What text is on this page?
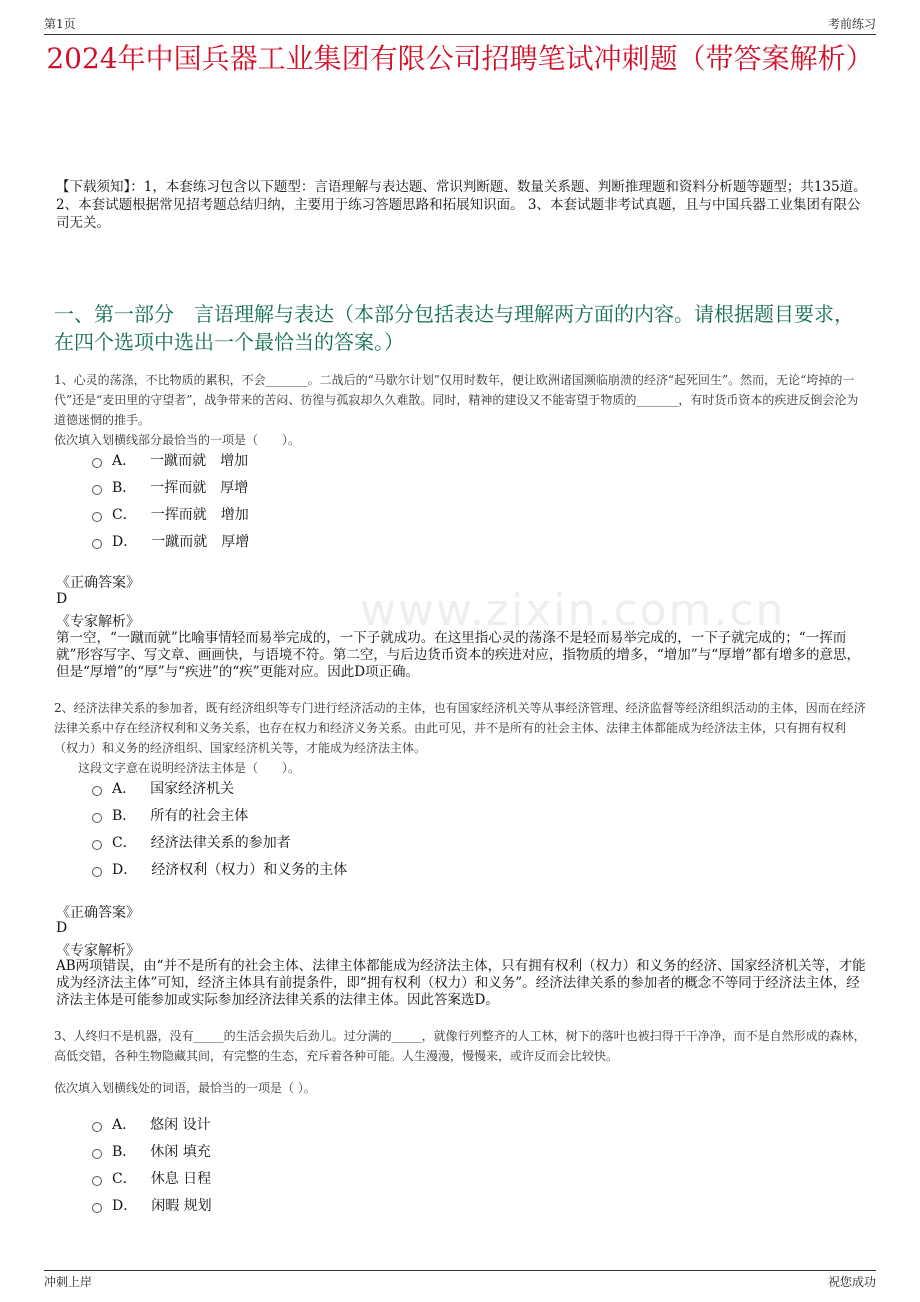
第1页	考前练习
2024年中国兵器工业集团有限公司招聘笔试冲刺题（带答案解析）
【下载须知】：1，本套练习包含以下题型：言语理解与表达题、常识判断题、数量关系题、判断推理题和资料分析题等题型；共135道。 2、本套试题根据常见招考题总结归纳，主要用于练习答题思路和拓展知识面。 3、本套试题非考试真题，且与中国兵器工业集团有限公司无关。
一、第一部分　言语理解与表达（本部分包括表达与理解两方面的内容。请根据题目要求，在四个选项中选出一个最恰当的答案。）
www.zixin.com.cn

1、心灵的荡涤，不比物质的累积，不会_______。二战后的“马歇尔计划”仅用时数年，便让欧洲诸国濒临崩溃的经济“起死回生”。然而，无论“垮掉的一代”还是“麦田里的守望者”，战争带来的苦闷、彷徨与孤寂却久久难散。同时，精神的建设又不能寄望于物质的_______，有时货币资本的疾进反倒会沦为道德迷惘的推手。

依次填入划横线部分最恰当的一项是（　　）。

A． 一蹴而就　增加
B． 一挥而就　厚增
C． 一挥而就　增加
D． 一蹴而就　厚增
《正确答案》
D
《专家解析》
第一空，“一蹴而就”比喻事情轻而易举完成的，一下子就成功。在这里指心灵的荡涤不是轻而易举完成的，一下子就完成的；“一挥而就”形容写字、写文章、画画快，与语境不符。第二空，与后边货币资本的疾进对应，指物质的增多，“增加”与“厚增”都有增多的意思，但是“厚增”的“厚”与“疾进”的“疾”更能对应。因此D项正确。

2、经济法律关系的参加者，既有经济组织等专门进行经济活动的主体，也有国家经济机关等从事经济管理、经济监督等经济组织活动的主体，因而在经济法律关系中存在经济权利和义务关系，也存在权力和经济义务关系。由此可见，并不是所有的社会主体、法律主体都能成为经济法主体，只有拥有权利（权力）和义务的经济组织、国家经济机关等，才能成为经济法主体。

这段文字意在说明经济法主体是（　　）。

A． 国家经济机关
B． 所有的社会主体
C． 经济法律关系的参加者
D． 经济权利（权力）和义务的主体
《正确答案》
D
《专家解析》
AB两项错误，由“并不是所有的社会主体、法律主体都能成为经济法主体，只有拥有权利（权力）和义务的经济、国家经济机关等，才能成为经济法主体”可知，经济主体具有前提条件，即“拥有权利（权力）和义务”。经济法律关系的参加者的概念不等同于经济法主体，经济法主体是可能参加或实际参加经济法律关系的法律主体。因此答案选D。

3、人终归不是机器，没有_____的生活会损失后劲儿。过分满的_____，就像行列整齐的人工林，树下的落叶也被扫得干干净净，而不是自然形成的森林，高低交错，各种生物隐藏其间，有完整的生态，充斥着各种可能。人生漫漫，慢慢来，或许反而会比较快。

依次填入划横线处的词语，最恰当的一项是（ ）。

A． 悠闲 设计
B． 休闲 填充
C． 休息 日程
D． 闲暇 规划
冲刺上岸	祝您成功
